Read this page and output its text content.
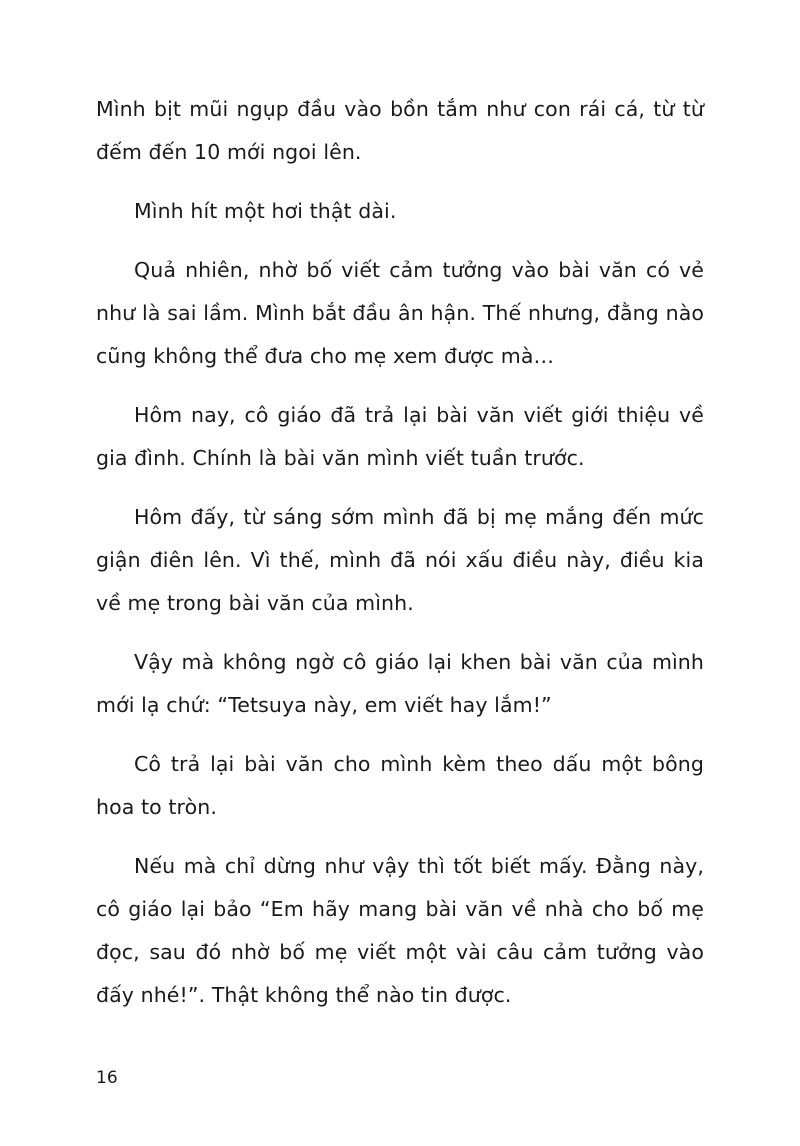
Mình bịt mũi ngụp đầu vào bồn tắm như con rái cá, từ từ đếm đến 10 mới ngoi lên.

Mình hít một hơi thật dài.

Quả nhiên, nhờ bố viết cảm tưởng vào bài văn có vẻ như là sai lầm. Mình bắt đầu ân hận. Thế nhưng, đằng nào cũng không thể đưa cho mẹ xem được mà…

Hôm nay, cô giáo đã trả lại bài văn viết giới thiệu về gia đình. Chính là bài văn mình viết tuần trước.

Hôm đấy, từ sáng sớm mình đã bị mẹ mắng đến mức giận điên lên. Vì thế, mình đã nói xấu điều này, điều kia về mẹ trong bài văn của mình.

Vậy mà không ngờ cô giáo lại khen bài văn của mình mới lạ chứ: “Tetsuya này, em viết hay lắm!”

Cô trả lại bài văn cho mình kèm theo dấu một bông hoa to tròn.

Nếu mà chỉ dừng như vậy thì tốt biết mấy. Đằng này, cô giáo lại bảo “Em hãy mang bài văn về nhà cho bố mẹ đọc, sau đó nhờ bố mẹ viết một vài câu cảm tưởng vào đấy nhé!”. Thật không thể nào tin được.

16
